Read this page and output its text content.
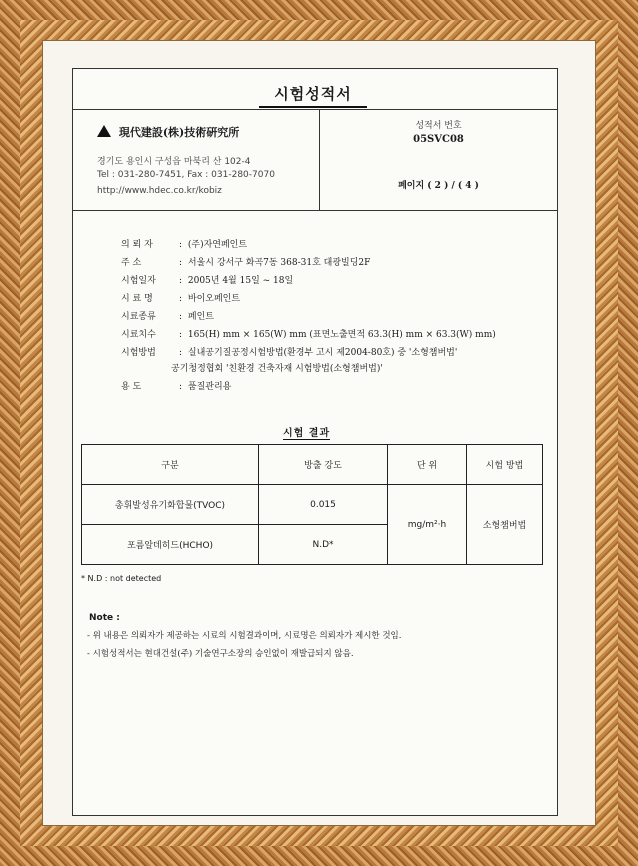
시험성적서
現代建設(株)技術硏究所
경기도 용인시 구성읍 마북리 산 102-4
Tel : 031-280-7451, Fax : 031-280-7070
http://www.hdec.co.kr/kobiz
성적서 번호
05SVC08
페이지 ( 2 ) / ( 4 )
의 뢰 자	: (주)자연페인트
주 소	: 서울시 강서구 화곡7동 368-31호 대광빌딩2F
시험일자	: 2005년 4월 15일 ~ 18일
시 료 명	: 바이오페인트
시료종류	: 페인트
시료치수	: 165(H) mm × 165(W) mm (표면노출면적 63.3(H) mm × 63.3(W) mm)
시험방법	: 실내공기질공정시험방법(환경부 고시 제2004-80호) 중 '소형챔버법'
공기청정협회 '친환경 건축자재 시험방법(소형챔버법)'
용 도	: 품질관리용
시험 결과
구분	방출 강도	단 위	시험 방법
총휘발성유기화합물(TVOC)	0.015	mg/m²·h	소형챔버법
포름알데히드(HCHO)	N.D*		
* N.D : not detected
Note :
- 위 내용은 의뢰자가 제공하는 시료의 시험결과이며, 시료명은 의뢰자가 제시한 것임.
- 시험성적서는 현대건설(주) 기술연구소장의 승인없이 재발급되지 않음.
